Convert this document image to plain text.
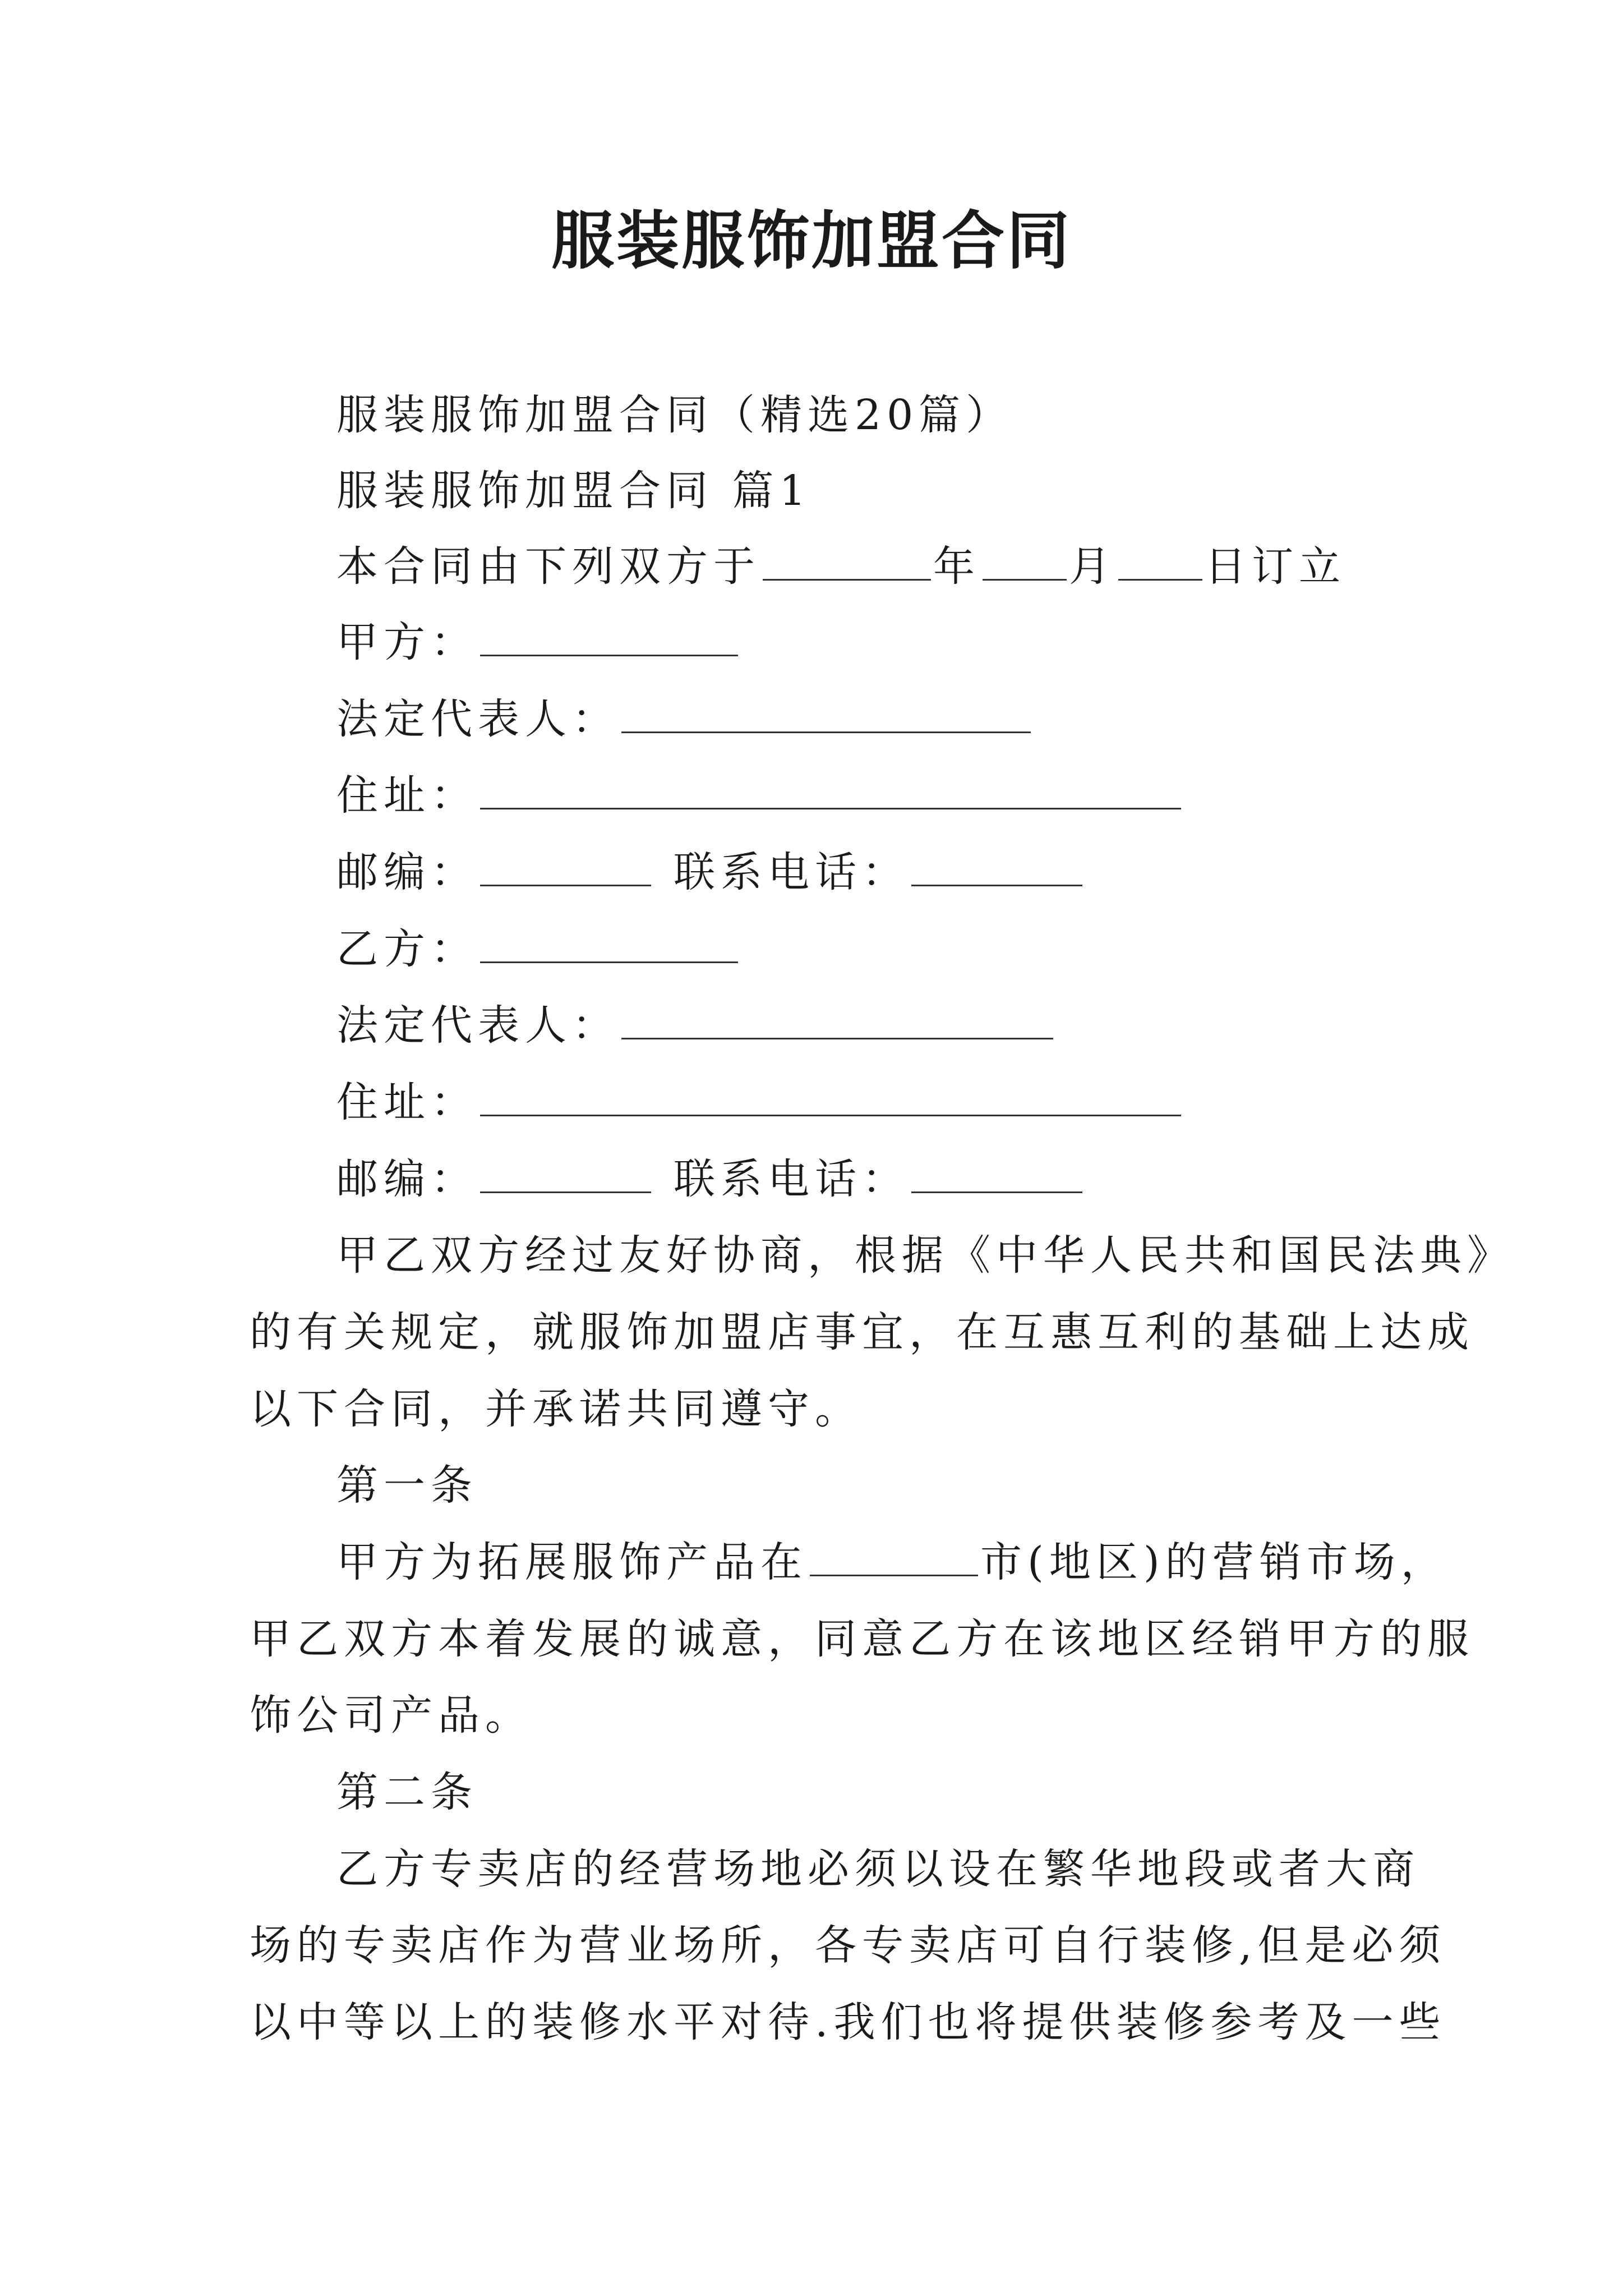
服装服饰加盟合同
服装服饰加盟合同（精选20篇）
服装服饰加盟合同 篇1
本合同由下列双方于	年 月 日订立
甲方：
法定代表人：
住址：
邮编：	联系电话：
乙方：
法定代表人：
住址：
邮编：	联系电话：
甲乙双方经过友好协商，根据《中华人民共和国民法典》
的有关规定，就服饰加盟店事宜，在互惠互利的基础上达成
以下合同，并承诺共同遵守。
第一条
甲方为拓展服饰产品在	市(地区)的营销市场，
甲乙双方本着发展的诚意，同意乙方在该地区经销甲方的服
饰公司产品。
第二条
乙方专卖店的经营场地必须以设在繁华地段或者大商
场的专卖店作为营业场所，各专卖店可自行装修,但是必须
以中等以上的装修水平对待.我们也将提供装修参考及一些
